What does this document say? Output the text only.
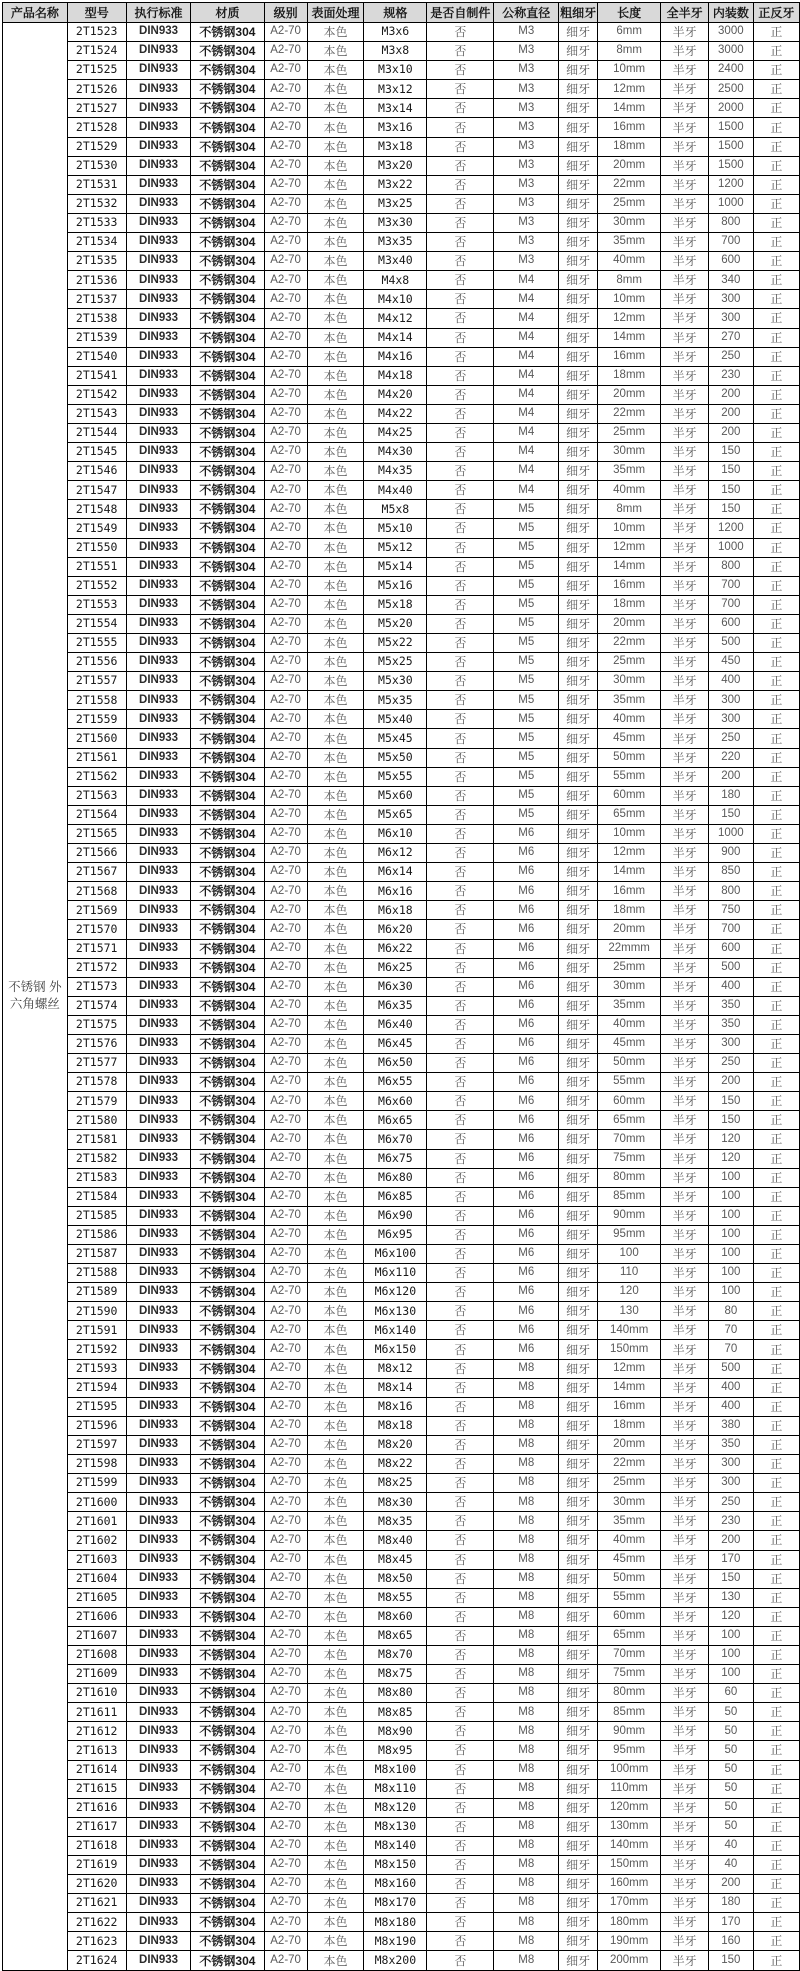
产品名称	型号	执行标准	材质	级别	表面处理	规格	是否自制件	公称直径	粗细牙	长度	全半牙	内装数	正反牙
不锈钢 外六角螺丝	2T1523	DIN933	不锈钢304	A2-70	本色	M3x6	否	M3	细牙	6mm	半牙	3000	正
	2T1524	DIN933	不锈钢304	A2-70	本色	M3x8	否	M3	细牙	8mm	半牙	3000	正
	2T1525	DIN933	不锈钢304	A2-70	本色	M3x10	否	M3	细牙	10mm	半牙	2400	正
	2T1526	DIN933	不锈钢304	A2-70	本色	M3x12	否	M3	细牙	12mm	半牙	2500	正
	2T1527	DIN933	不锈钢304	A2-70	本色	M3x14	否	M3	细牙	14mm	半牙	2000	正
	2T1528	DIN933	不锈钢304	A2-70	本色	M3x16	否	M3	细牙	16mm	半牙	1500	正
	2T1529	DIN933	不锈钢304	A2-70	本色	M3x18	否	M3	细牙	18mm	半牙	1500	正
	2T1530	DIN933	不锈钢304	A2-70	本色	M3x20	否	M3	细牙	20mm	半牙	1500	正
	2T1531	DIN933	不锈钢304	A2-70	本色	M3x22	否	M3	细牙	22mm	半牙	1200	正
	2T1532	DIN933	不锈钢304	A2-70	本色	M3x25	否	M3	细牙	25mm	半牙	1000	正
	2T1533	DIN933	不锈钢304	A2-70	本色	M3x30	否	M3	细牙	30mm	半牙	800	正
	2T1534	DIN933	不锈钢304	A2-70	本色	M3x35	否	M3	细牙	35mm	半牙	700	正
	2T1535	DIN933	不锈钢304	A2-70	本色	M3x40	否	M3	细牙	40mm	半牙	600	正
	2T1536	DIN933	不锈钢304	A2-70	本色	M4x8	否	M4	细牙	8mm	半牙	340	正
	2T1537	DIN933	不锈钢304	A2-70	本色	M4x10	否	M4	细牙	10mm	半牙	300	正
	2T1538	DIN933	不锈钢304	A2-70	本色	M4x12	否	M4	细牙	12mm	半牙	300	正
	2T1539	DIN933	不锈钢304	A2-70	本色	M4x14	否	M4	细牙	14mm	半牙	270	正
	2T1540	DIN933	不锈钢304	A2-70	本色	M4x16	否	M4	细牙	16mm	半牙	250	正
	2T1541	DIN933	不锈钢304	A2-70	本色	M4x18	否	M4	细牙	18mm	半牙	230	正
	2T1542	DIN933	不锈钢304	A2-70	本色	M4x20	否	M4	细牙	20mm	半牙	200	正
	2T1543	DIN933	不锈钢304	A2-70	本色	M4x22	否	M4	细牙	22mm	半牙	200	正
	2T1544	DIN933	不锈钢304	A2-70	本色	M4x25	否	M4	细牙	25mm	半牙	200	正
	2T1545	DIN933	不锈钢304	A2-70	本色	M4x30	否	M4	细牙	30mm	半牙	150	正
	2T1546	DIN933	不锈钢304	A2-70	本色	M4x35	否	M4	细牙	35mm	半牙	150	正
	2T1547	DIN933	不锈钢304	A2-70	本色	M4x40	否	M4	细牙	40mm	半牙	150	正
	2T1548	DIN933	不锈钢304	A2-70	本色	M5x8	否	M5	细牙	8mm	半牙	150	正
	2T1549	DIN933	不锈钢304	A2-70	本色	M5x10	否	M5	细牙	10mm	半牙	1200	正
	2T1550	DIN933	不锈钢304	A2-70	本色	M5x12	否	M5	细牙	12mm	半牙	1000	正
	2T1551	DIN933	不锈钢304	A2-70	本色	M5x14	否	M5	细牙	14mm	半牙	800	正
	2T1552	DIN933	不锈钢304	A2-70	本色	M5x16	否	M5	细牙	16mm	半牙	700	正
	2T1553	DIN933	不锈钢304	A2-70	本色	M5x18	否	M5	细牙	18mm	半牙	700	正
	2T1554	DIN933	不锈钢304	A2-70	本色	M5x20	否	M5	细牙	20mm	半牙	600	正
	2T1555	DIN933	不锈钢304	A2-70	本色	M5x22	否	M5	细牙	22mm	半牙	500	正
	2T1556	DIN933	不锈钢304	A2-70	本色	M5x25	否	M5	细牙	25mm	半牙	450	正
	2T1557	DIN933	不锈钢304	A2-70	本色	M5x30	否	M5	细牙	30mm	半牙	400	正
	2T1558	DIN933	不锈钢304	A2-70	本色	M5x35	否	M5	细牙	35mm	半牙	300	正
	2T1559	DIN933	不锈钢304	A2-70	本色	M5x40	否	M5	细牙	40mm	半牙	300	正
	2T1560	DIN933	不锈钢304	A2-70	本色	M5x45	否	M5	细牙	45mm	半牙	250	正
	2T1561	DIN933	不锈钢304	A2-70	本色	M5x50	否	M5	细牙	50mm	半牙	220	正
	2T1562	DIN933	不锈钢304	A2-70	本色	M5x55	否	M5	细牙	55mm	半牙	200	正
	2T1563	DIN933	不锈钢304	A2-70	本色	M5x60	否	M5	细牙	60mm	半牙	180	正
	2T1564	DIN933	不锈钢304	A2-70	本色	M5x65	否	M5	细牙	65mm	半牙	150	正
	2T1565	DIN933	不锈钢304	A2-70	本色	M6x10	否	M6	细牙	10mm	半牙	1000	正
	2T1566	DIN933	不锈钢304	A2-70	本色	M6x12	否	M6	细牙	12mm	半牙	900	正
	2T1567	DIN933	不锈钢304	A2-70	本色	M6x14	否	M6	细牙	14mm	半牙	850	正
	2T1568	DIN933	不锈钢304	A2-70	本色	M6x16	否	M6	细牙	16mm	半牙	800	正
	2T1569	DIN933	不锈钢304	A2-70	本色	M6x18	否	M6	细牙	18mm	半牙	750	正
	2T1570	DIN933	不锈钢304	A2-70	本色	M6x20	否	M6	细牙	20mm	半牙	700	正
	2T1571	DIN933	不锈钢304	A2-70	本色	M6x22	否	M6	细牙	22mmm	半牙	600	正
	2T1572	DIN933	不锈钢304	A2-70	本色	M6x25	否	M6	细牙	25mm	半牙	500	正
	2T1573	DIN933	不锈钢304	A2-70	本色	M6x30	否	M6	细牙	30mm	半牙	400	正
	2T1574	DIN933	不锈钢304	A2-70	本色	M6x35	否	M6	细牙	35mm	半牙	350	正
	2T1575	DIN933	不锈钢304	A2-70	本色	M6x40	否	M6	细牙	40mm	半牙	350	正
	2T1576	DIN933	不锈钢304	A2-70	本色	M6x45	否	M6	细牙	45mm	半牙	300	正
	2T1577	DIN933	不锈钢304	A2-70	本色	M6x50	否	M6	细牙	50mm	半牙	250	正
	2T1578	DIN933	不锈钢304	A2-70	本色	M6x55	否	M6	细牙	55mm	半牙	200	正
	2T1579	DIN933	不锈钢304	A2-70	本色	M6x60	否	M6	细牙	60mm	半牙	150	正
	2T1580	DIN933	不锈钢304	A2-70	本色	M6x65	否	M6	细牙	65mm	半牙	150	正
	2T1581	DIN933	不锈钢304	A2-70	本色	M6x70	否	M6	细牙	70mm	半牙	120	正
	2T1582	DIN933	不锈钢304	A2-70	本色	M6x75	否	M6	细牙	75mm	半牙	120	正
	2T1583	DIN933	不锈钢304	A2-70	本色	M6x80	否	M6	细牙	80mm	半牙	100	正
	2T1584	DIN933	不锈钢304	A2-70	本色	M6x85	否	M6	细牙	85mm	半牙	100	正
	2T1585	DIN933	不锈钢304	A2-70	本色	M6x90	否	M6	细牙	90mm	半牙	100	正
	2T1586	DIN933	不锈钢304	A2-70	本色	M6x95	否	M6	细牙	95mm	半牙	100	正
	2T1587	DIN933	不锈钢304	A2-70	本色	M6x100	否	M6	细牙	100	半牙	100	正
	2T1588	DIN933	不锈钢304	A2-70	本色	M6x110	否	M6	细牙	110	半牙	100	正
	2T1589	DIN933	不锈钢304	A2-70	本色	M6x120	否	M6	细牙	120	半牙	100	正
	2T1590	DIN933	不锈钢304	A2-70	本色	M6x130	否	M6	细牙	130	半牙	80	正
	2T1591	DIN933	不锈钢304	A2-70	本色	M6x140	否	M6	细牙	140mm	半牙	70	正
	2T1592	DIN933	不锈钢304	A2-70	本色	M6x150	否	M6	细牙	150mm	半牙	70	正
	2T1593	DIN933	不锈钢304	A2-70	本色	M8x12	否	M8	细牙	12mm	半牙	500	正
	2T1594	DIN933	不锈钢304	A2-70	本色	M8x14	否	M8	细牙	14mm	半牙	400	正
	2T1595	DIN933	不锈钢304	A2-70	本色	M8x16	否	M8	细牙	16mm	半牙	400	正
	2T1596	DIN933	不锈钢304	A2-70	本色	M8x18	否	M8	细牙	18mm	半牙	380	正
	2T1597	DIN933	不锈钢304	A2-70	本色	M8x20	否	M8	细牙	20mm	半牙	350	正
	2T1598	DIN933	不锈钢304	A2-70	本色	M8x22	否	M8	细牙	22mm	半牙	300	正
	2T1599	DIN933	不锈钢304	A2-70	本色	M8x25	否	M8	细牙	25mm	半牙	300	正
	2T1600	DIN933	不锈钢304	A2-70	本色	M8x30	否	M8	细牙	30mm	半牙	250	正
	2T1601	DIN933	不锈钢304	A2-70	本色	M8x35	否	M8	细牙	35mm	半牙	230	正
	2T1602	DIN933	不锈钢304	A2-70	本色	M8x40	否	M8	细牙	40mm	半牙	200	正
	2T1603	DIN933	不锈钢304	A2-70	本色	M8x45	否	M8	细牙	45mm	半牙	170	正
	2T1604	DIN933	不锈钢304	A2-70	本色	M8x50	否	M8	细牙	50mm	半牙	150	正
	2T1605	DIN933	不锈钢304	A2-70	本色	M8x55	否	M8	细牙	55mm	半牙	130	正
	2T1606	DIN933	不锈钢304	A2-70	本色	M8x60	否	M8	细牙	60mm	半牙	120	正
	2T1607	DIN933	不锈钢304	A2-70	本色	M8x65	否	M8	细牙	65mm	半牙	100	正
	2T1608	DIN933	不锈钢304	A2-70	本色	M8x70	否	M8	细牙	70mm	半牙	100	正
	2T1609	DIN933	不锈钢304	A2-70	本色	M8x75	否	M8	细牙	75mm	半牙	100	正
	2T1610	DIN933	不锈钢304	A2-70	本色	M8x80	否	M8	细牙	80mm	半牙	60	正
	2T1611	DIN933	不锈钢304	A2-70	本色	M8x85	否	M8	细牙	85mm	半牙	50	正
	2T1612	DIN933	不锈钢304	A2-70	本色	M8x90	否	M8	细牙	90mm	半牙	50	正
	2T1613	DIN933	不锈钢304	A2-70	本色	M8x95	否	M8	细牙	95mm	半牙	50	正
	2T1614	DIN933	不锈钢304	A2-70	本色	M8x100	否	M8	细牙	100mm	半牙	50	正
	2T1615	DIN933	不锈钢304	A2-70	本色	M8x110	否	M8	细牙	110mm	半牙	50	正
	2T1616	DIN933	不锈钢304	A2-70	本色	M8x120	否	M8	细牙	120mm	半牙	50	正
	2T1617	DIN933	不锈钢304	A2-70	本色	M8x130	否	M8	细牙	130mm	半牙	50	正
	2T1618	DIN933	不锈钢304	A2-70	本色	M8x140	否	M8	细牙	140mm	半牙	40	正
	2T1619	DIN933	不锈钢304	A2-70	本色	M8x150	否	M8	细牙	150mm	半牙	40	正
	2T1620	DIN933	不锈钢304	A2-70	本色	M8x160	否	M8	细牙	160mm	半牙	200	正
	2T1621	DIN933	不锈钢304	A2-70	本色	M8x170	否	M8	细牙	170mm	半牙	180	正
	2T1622	DIN933	不锈钢304	A2-70	本色	M8x180	否	M8	细牙	180mm	半牙	170	正
	2T1623	DIN933	不锈钢304	A2-70	本色	M8x190	否	M8	细牙	190mm	半牙	160	正
	2T1624	DIN933	不锈钢304	A2-70	本色	M8x200	否	M8	细牙	200mm	半牙	150	正
